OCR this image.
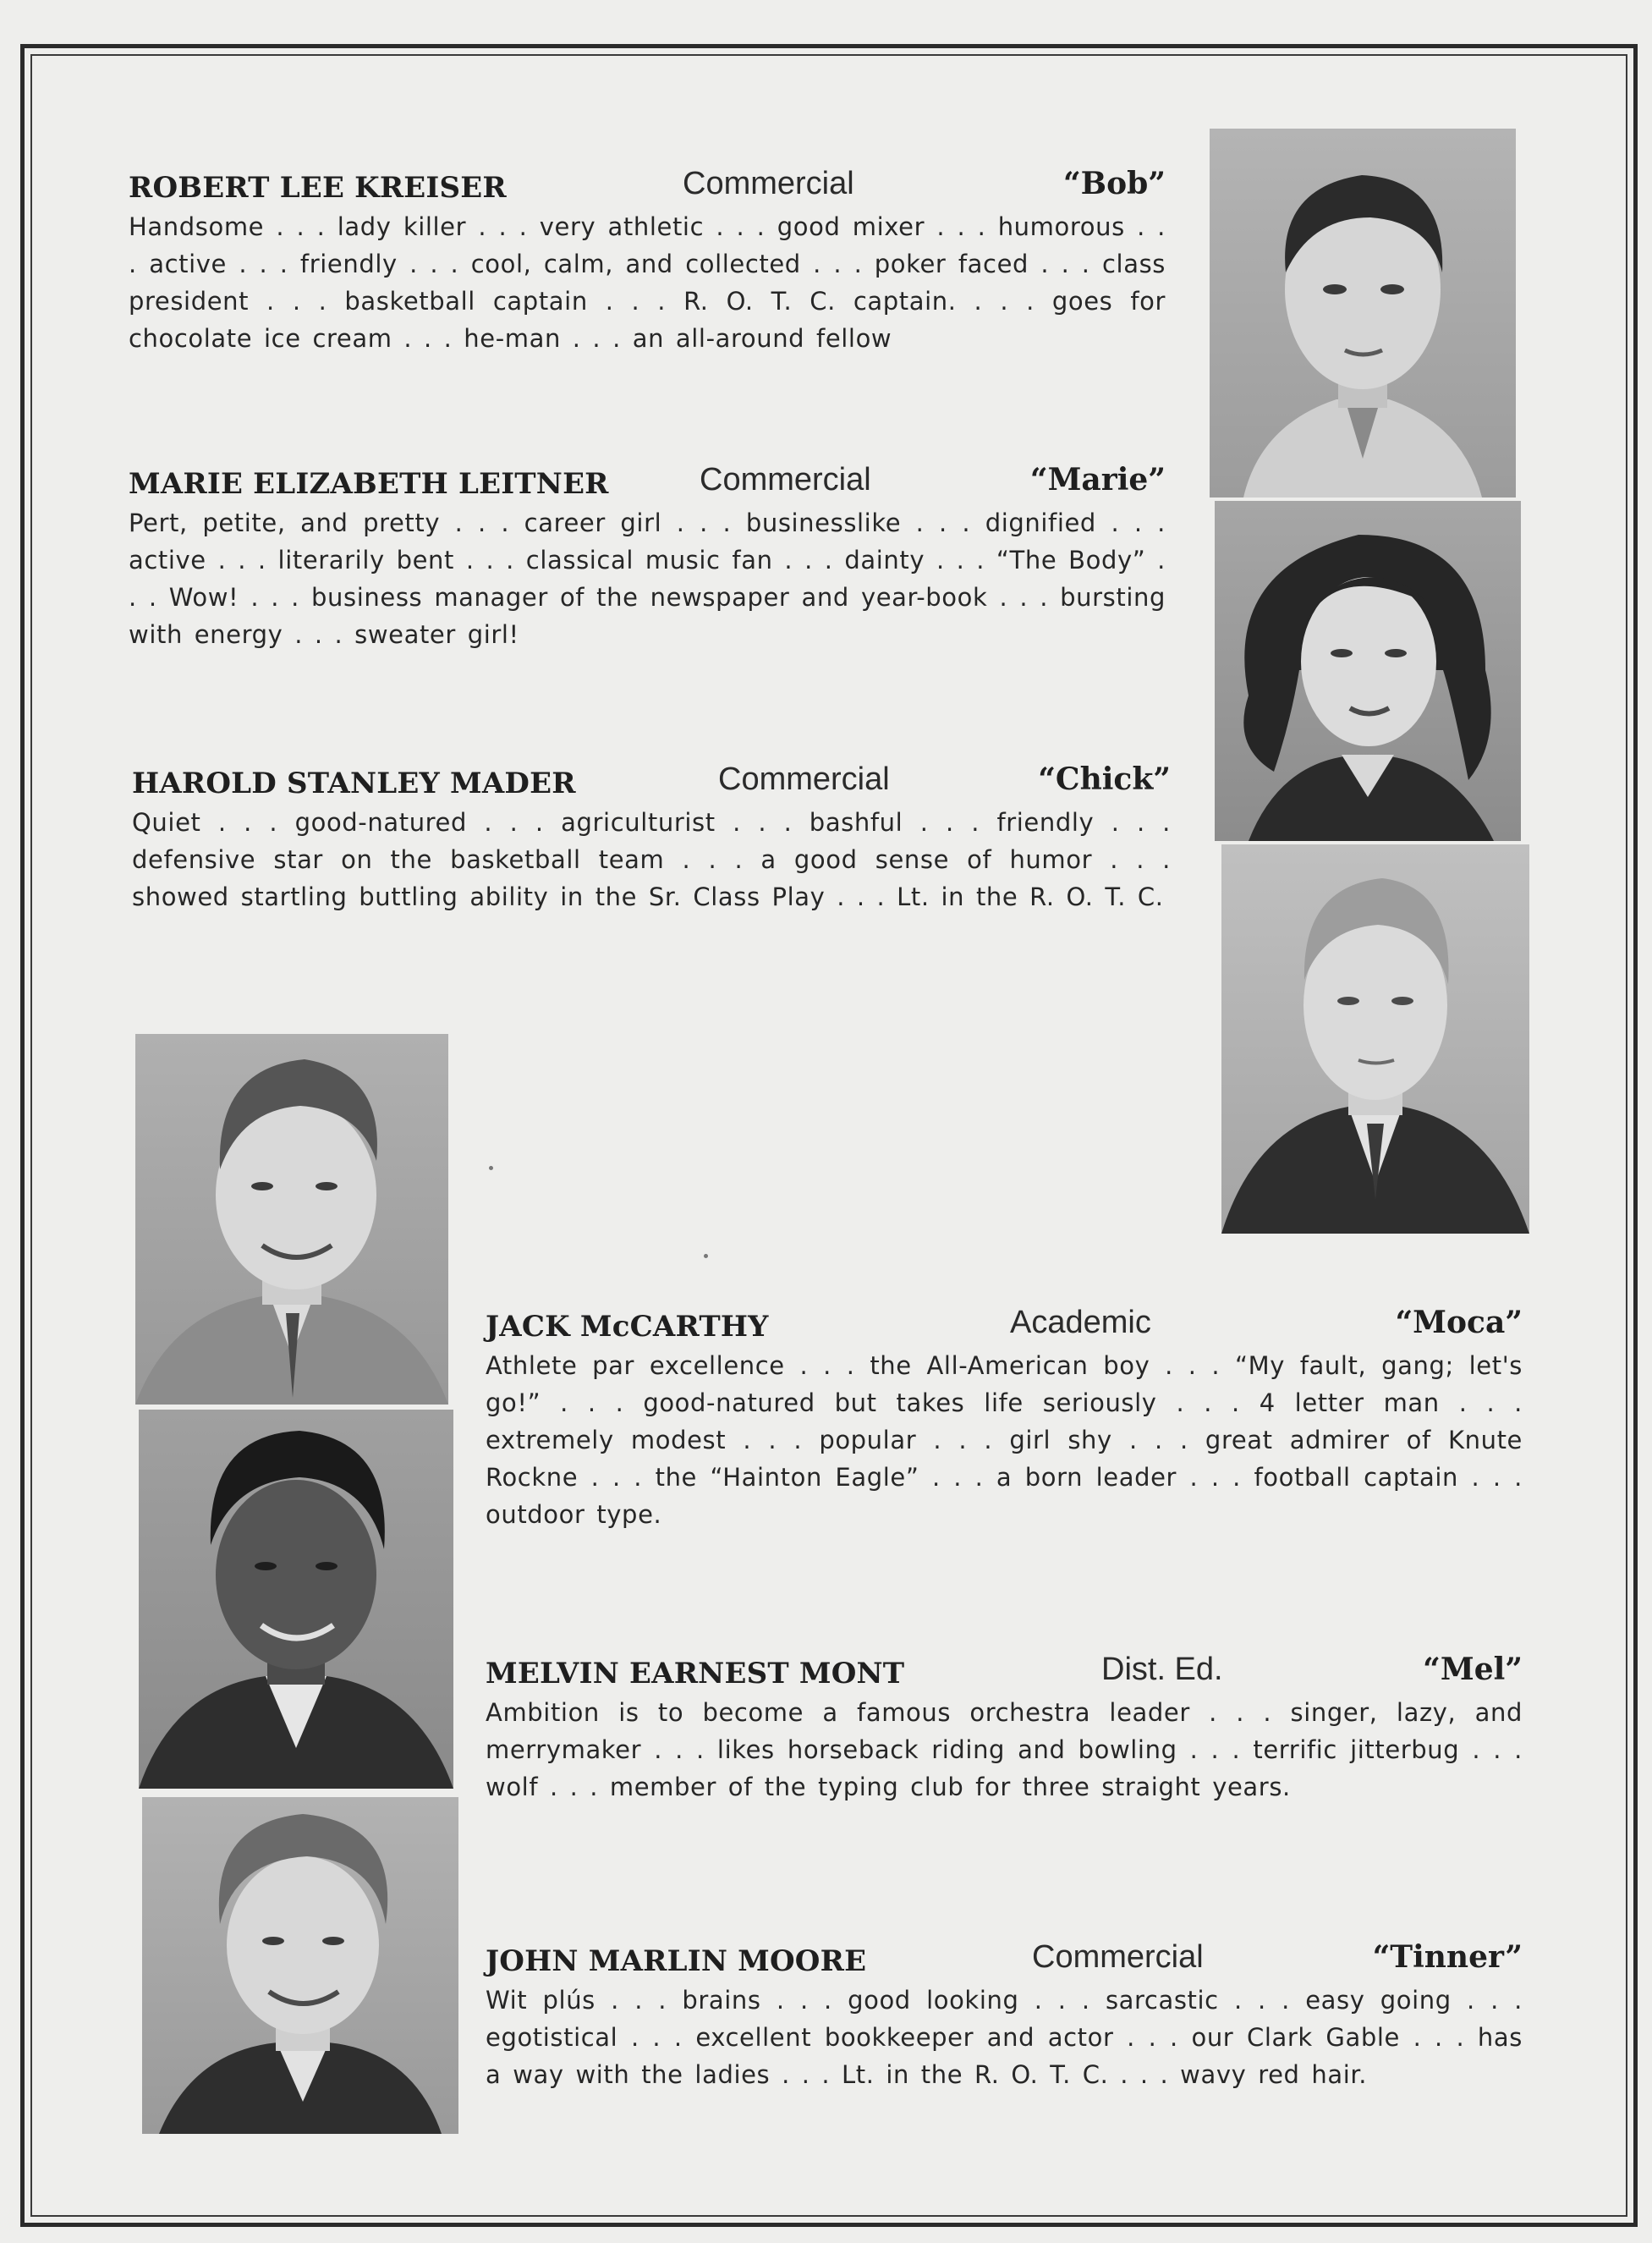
ROBERT LEE KREISER	Commercial	“Bob”

Handsome . . . lady killer . . . very athletic . . . good mixer . . . humorous . . . active . . . friendly . . . cool, calm, and collected . . . poker faced . . . class president . . . basketball captain . . . R. O. T. C. captain. . . . goes for chocolate ice cream . . . he-man . . . an all-around fellow

MARIE ELIZABETH LEITNER	Commercial	“Marie”

Pert, petite, and pretty . . . career girl . . . businesslike . . . dignified . . . active . . . literarily bent . . . classical music fan . . . dainty . . . “The Body” . . . Wow! . . . business manager of the newspaper and year-book . . . bursting with energy . . . sweater girl!

HAROLD STANLEY MADER	Commercial	“Chick”

Quiet . . . good-natured . . . agriculturist . . . bashful . . . friendly . . . defensive star on the basketball team . . . a good sense of humor . . . showed startling buttling ability in the Sr. Class Play . . . Lt. in the R. O. T. C.

JACK McCARTHY	Academic	“Moca”

Athlete par excellence . . . the All-American boy . . . “My fault, gang; let's go!” . . . good-natured but takes life seriously . . . 4 letter man . . . extremely modest . . . popular . . . girl shy . . . great admirer of Knute Rockne . . . the “Hainton Eagle” . . . a born leader . . . football captain . . . outdoor type.

MELVIN EARNEST MONT	Dist. Ed.	“Mel”

Ambition is to become a famous orchestra leader . . . singer, lazy, and merrymaker . . . likes horseback riding and bowling . . . terrific jitterbug . . . wolf . . . member of the typing club for three straight years.

JOHN MARLIN MOORE	Commercial	“Tinner”

Wit plús . . . brains . . . good looking . . . sarcastic . . . easy going . . . egotistical . . . excellent bookkeeper and actor . . . our Clark Gable . . . has a way with the ladies . . . Lt. in the R. O. T. C. . . . wavy red hair.
